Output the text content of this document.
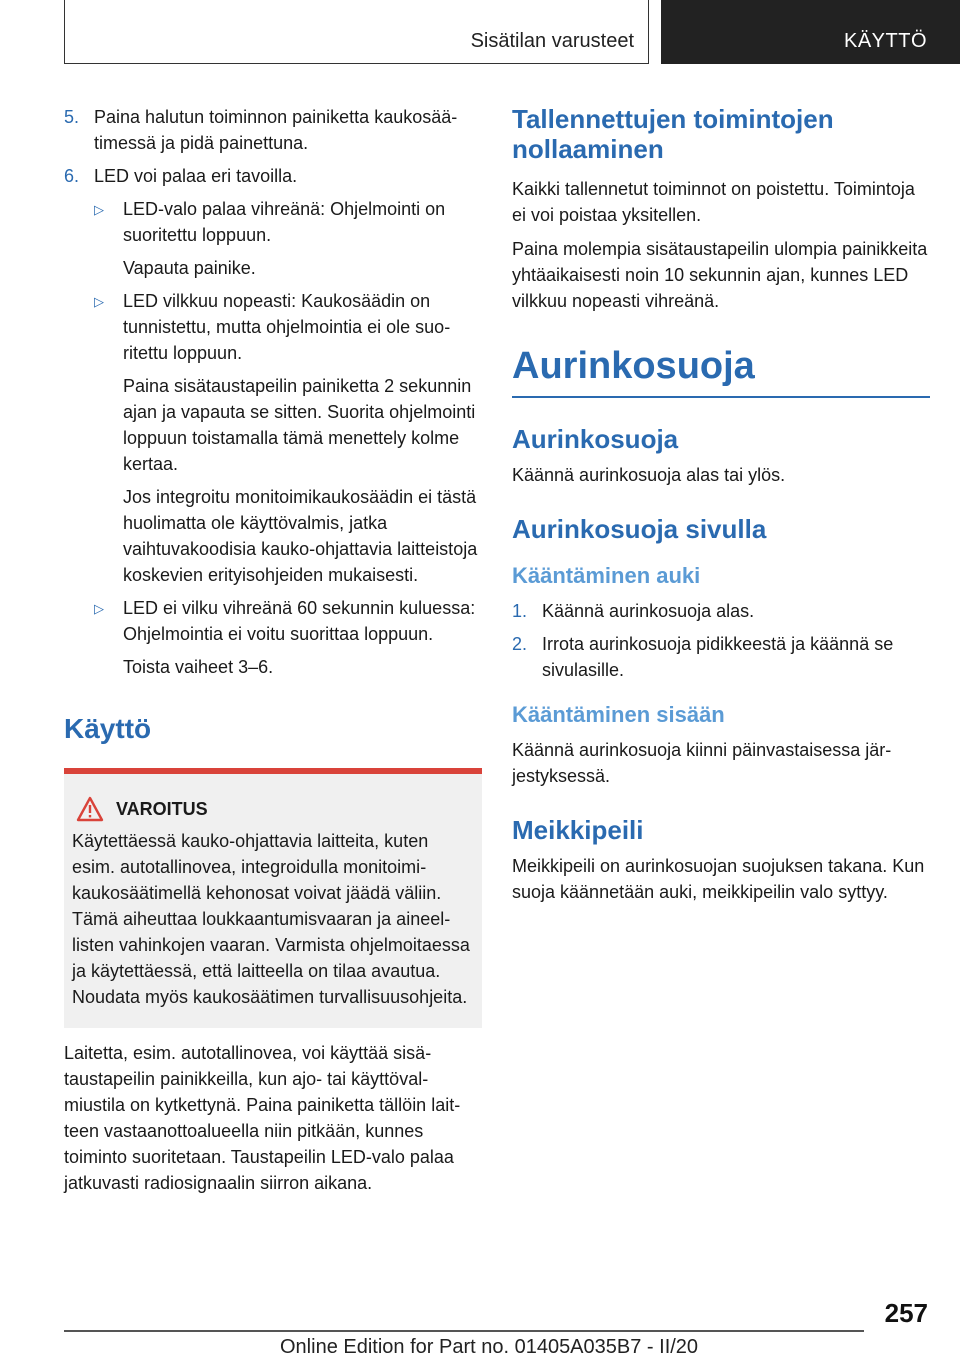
Sisätilan varusteet	KÄYTTÖ
5. Paina halutun toiminnon painiketta kaukosäätimessä ja pidä painettuna.
6. LED voi palaa eri tavoilla.
▷ LED-valo palaa vihreänä: Ohjelmointi on suoritettu loppuun.
Vapauta painike.
▷ LED vilkkuu nopeasti: Kaukosäädin on tunnistettu, mutta ohjelmointia ei ole suoritettu loppuun.
Paina sisätaustapeilin painiketta 2 sekunnin ajan ja vapauta se sitten. Suorita ohjelmointi loppuun toistamalla tämä menettely kolme kertaa.
Jos integroitu monitoimikaukosäädin ei tästä huolimatta ole käyttövalmis, jatka vaihtuvakoodisia kauko-ohjattavia laitteistoja koskevien erityisohjeiden mukaisesti.
▷ LED ei vilku vihreänä 60 sekunnin kuluessa: Ohjelmointia ei voitu suorittaa loppuun.
Toista vaiheet 3–6.
Käyttö
VAROITUS
Käytettäessä kauko-ohjattavia laitteita, kuten esim. autotallinovea, integroidulla monitoimikaukosäätimellä kehonosat voivat jäädä väliin. Tämä aiheuttaa loukkaantumisvaaran ja aineellisten vahinkojen vaaran. Varmista ohjelmoitaessa ja käytettäessä, että laitteella on tilaa avautua. Noudata myös kaukosäätimen turvallisuusohjeita.
Laitetta, esim. autotallinovea, voi käyttää sisätaustapeilin painikkeilla, kun ajo- tai käyttövalmiustila on kytkettynä. Paina painiketta tällöin laitteen vastaanottoalueella niin pitkään, kunnes toiminto suoritetaan. Taustapeilin LED-valo palaa jatkuvasti radiosignaalin siirron aikana.
Tallennettujen toimintojen nollaaminen
Kaikki tallennetut toiminnot on poistettu. Toimintoja ei voi poistaa yksitellen.
Paina molempia sisätaustapeilin ulompia painikkeita yhtäaikaisesti noin 10 sekunnin ajan, kunnes LED vilkkuu nopeasti vihreänä.
Aurinkosuoja
Aurinkosuoja
Käännä aurinkosuoja alas tai ylös.
Aurinkosuoja sivulla
Kääntäminen auki
1. Käännä aurinkosuoja alas.
2. Irrota aurinkosuoja pidikkeestä ja käännä se sivulasille.
Kääntäminen sisään
Käännä aurinkosuoja kiinni päinvastaisessa järjestyksessä.
Meikkipeili
Meikkipeili on aurinkosuojan suojuksen takana. Kun suoja käännetään auki, meikkipeilin valo syttyy.
257
Online Edition for Part no. 01405A035B7 - II/20
